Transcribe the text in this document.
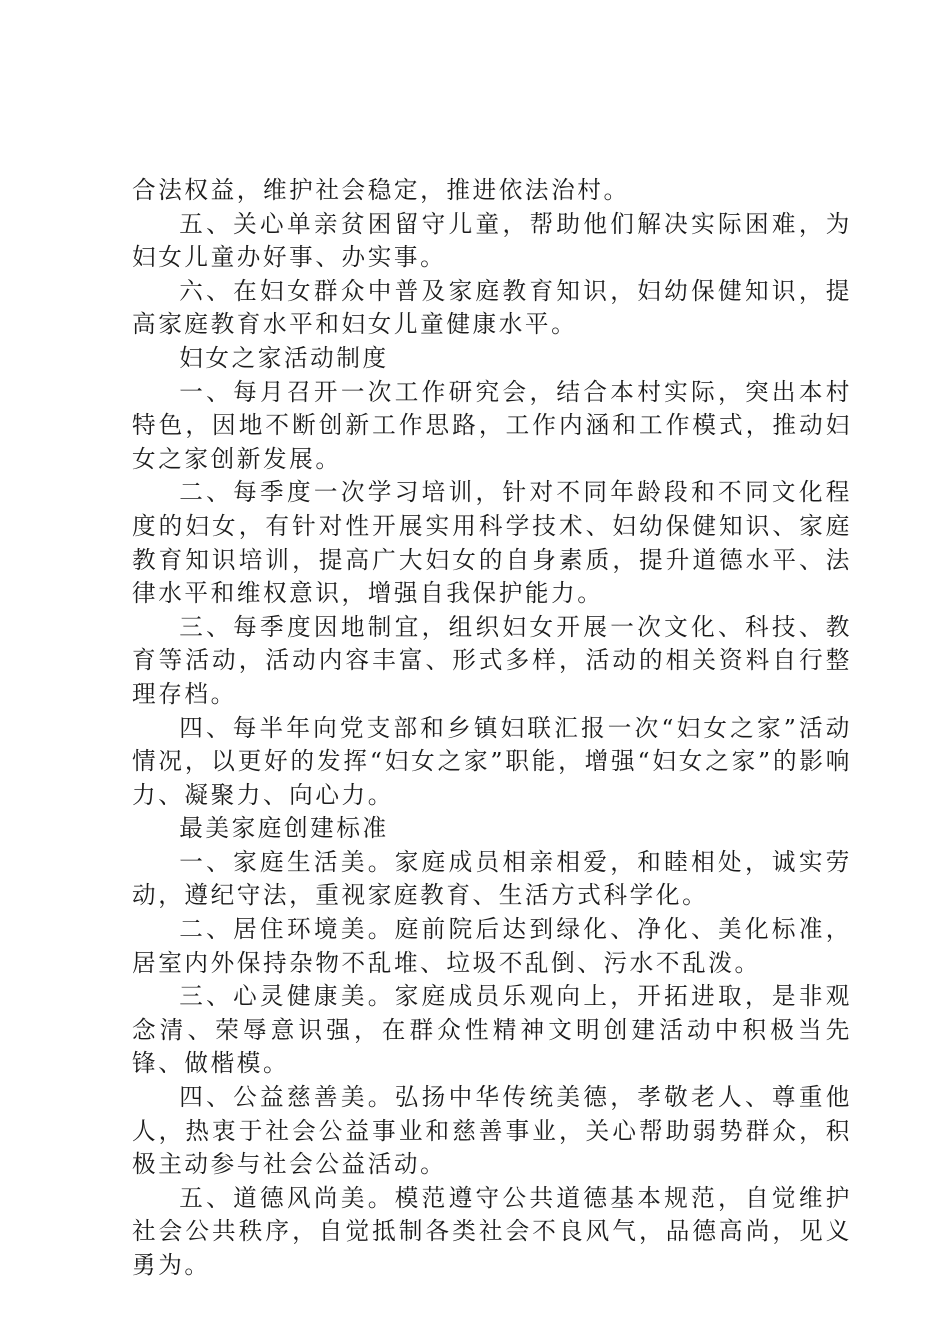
合法权益，维护社会稳定，推进依法治村。

五、关心单亲贫困留守儿童，帮助他们解决实际困难，为妇女儿童办好事、办实事。

六、在妇女群众中普及家庭教育知识，妇幼保健知识，提高家庭教育水平和妇女儿童健康水平。

妇女之家活动制度

一、每月召开一次工作研究会，结合本村实际，突出本村特色，因地不断创新工作思路，工作内涵和工作模式，推动妇女之家创新发展。

二、每季度一次学习培训，针对不同年龄段和不同文化程度的妇女，有针对性开展实用科学技术、妇幼保健知识、家庭教育知识培训，提高广大妇女的自身素质，提升道德水平、法律水平和维权意识，增强自我保护能力。

三、每季度因地制宜，组织妇女开展一次文化、科技、教育等活动，活动内容丰富、形式多样，活动的相关资料自行整理存档。

四、每半年向党支部和乡镇妇联汇报一次“妇女之家”活动情况，以更好的发挥“妇女之家”职能，增强“妇女之家”的影响力、凝聚力、向心力。

最美家庭创建标准

一、家庭生活美。家庭成员相亲相爱，和睦相处，诚实劳动，遵纪守法，重视家庭教育、生活方式科学化。

二、居住环境美。庭前院后达到绿化、净化、美化标准，居室内外保持杂物不乱堆、垃圾不乱倒、污水不乱泼。

三、心灵健康美。家庭成员乐观向上，开拓进取，是非观念清、荣辱意识强，在群众性精神文明创建活动中积极当先锋、做楷模。

四、公益慈善美。弘扬中华传统美德，孝敬老人、尊重他人，热衷于社会公益事业和慈善事业，关心帮助弱势群众，积极主动参与社会公益活动。

五、道德风尚美。模范遵守公共道德基本规范，自觉维护社会公共秩序，自觉抵制各类社会不良风气，品德高尚，见义勇为。
